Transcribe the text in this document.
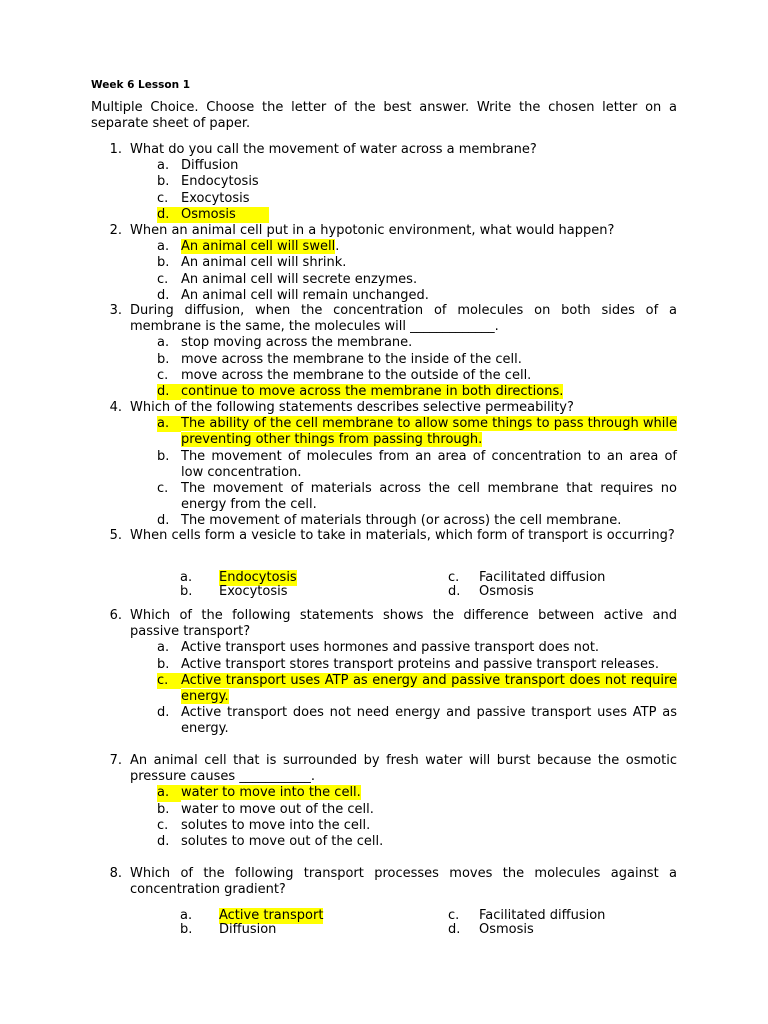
Week 6 Lesson 1
Multiple Choice. Choose the letter of the best answer. Write the chosen letter on a separate sheet of paper.
1. What do you call the movement of water across a membrane?
a. Diffusion
b. Endocytosis
c. Exocytosis
d. Osmosis
2. When an animal cell put in a hypotonic environment, what would happen?
a. An animal cell will swell.
b. An animal cell will shrink.
c. An animal cell will secrete enzymes.
d. An animal cell will remain unchanged.
3. During diffusion, when the concentration of molecules on both sides of a membrane is the same, the molecules will _____________.
a. stop moving across the membrane.
b. move across the membrane to the inside of the cell.
c. move across the membrane to the outside of the cell.
d. continue to move across the membrane in both directions.
4. Which of the following statements describes selective permeability?
a. The ability of the cell membrane to allow some things to pass through while preventing other things from passing through.
b. The movement of molecules from an area of concentration to an area of low concentration.
c. The movement of materials across the cell membrane that requires no energy from the cell.
d. The movement of materials through (or across) the cell membrane.
5. When cells form a vesicle to take in materials, which form of transport is occurring?
a.	Endocytosis
b.	Exocytosis
c.	Facilitated diffusion
d.	Osmosis
6. Which of the following statements shows the difference between active and passive transport?
a. Active transport uses hormones and passive transport does not.
b. Active transport stores transport proteins and passive transport releases.
c. Active transport uses ATP as energy and passive transport does not require energy.
d. Active transport does not need energy and passive transport uses ATP as energy.
7. An animal cell that is surrounded by fresh water will burst because the osmotic pressure causes ___________.
a. water to move into the cell.
b. water to move out of the cell.
c. solutes to move into the cell.
d. solutes to move out of the cell.
8. Which of the following transport processes moves the molecules against a concentration gradient?
a.	Active transport
b.	Diffusion
c.	Facilitated diffusion
d.	Osmosis
